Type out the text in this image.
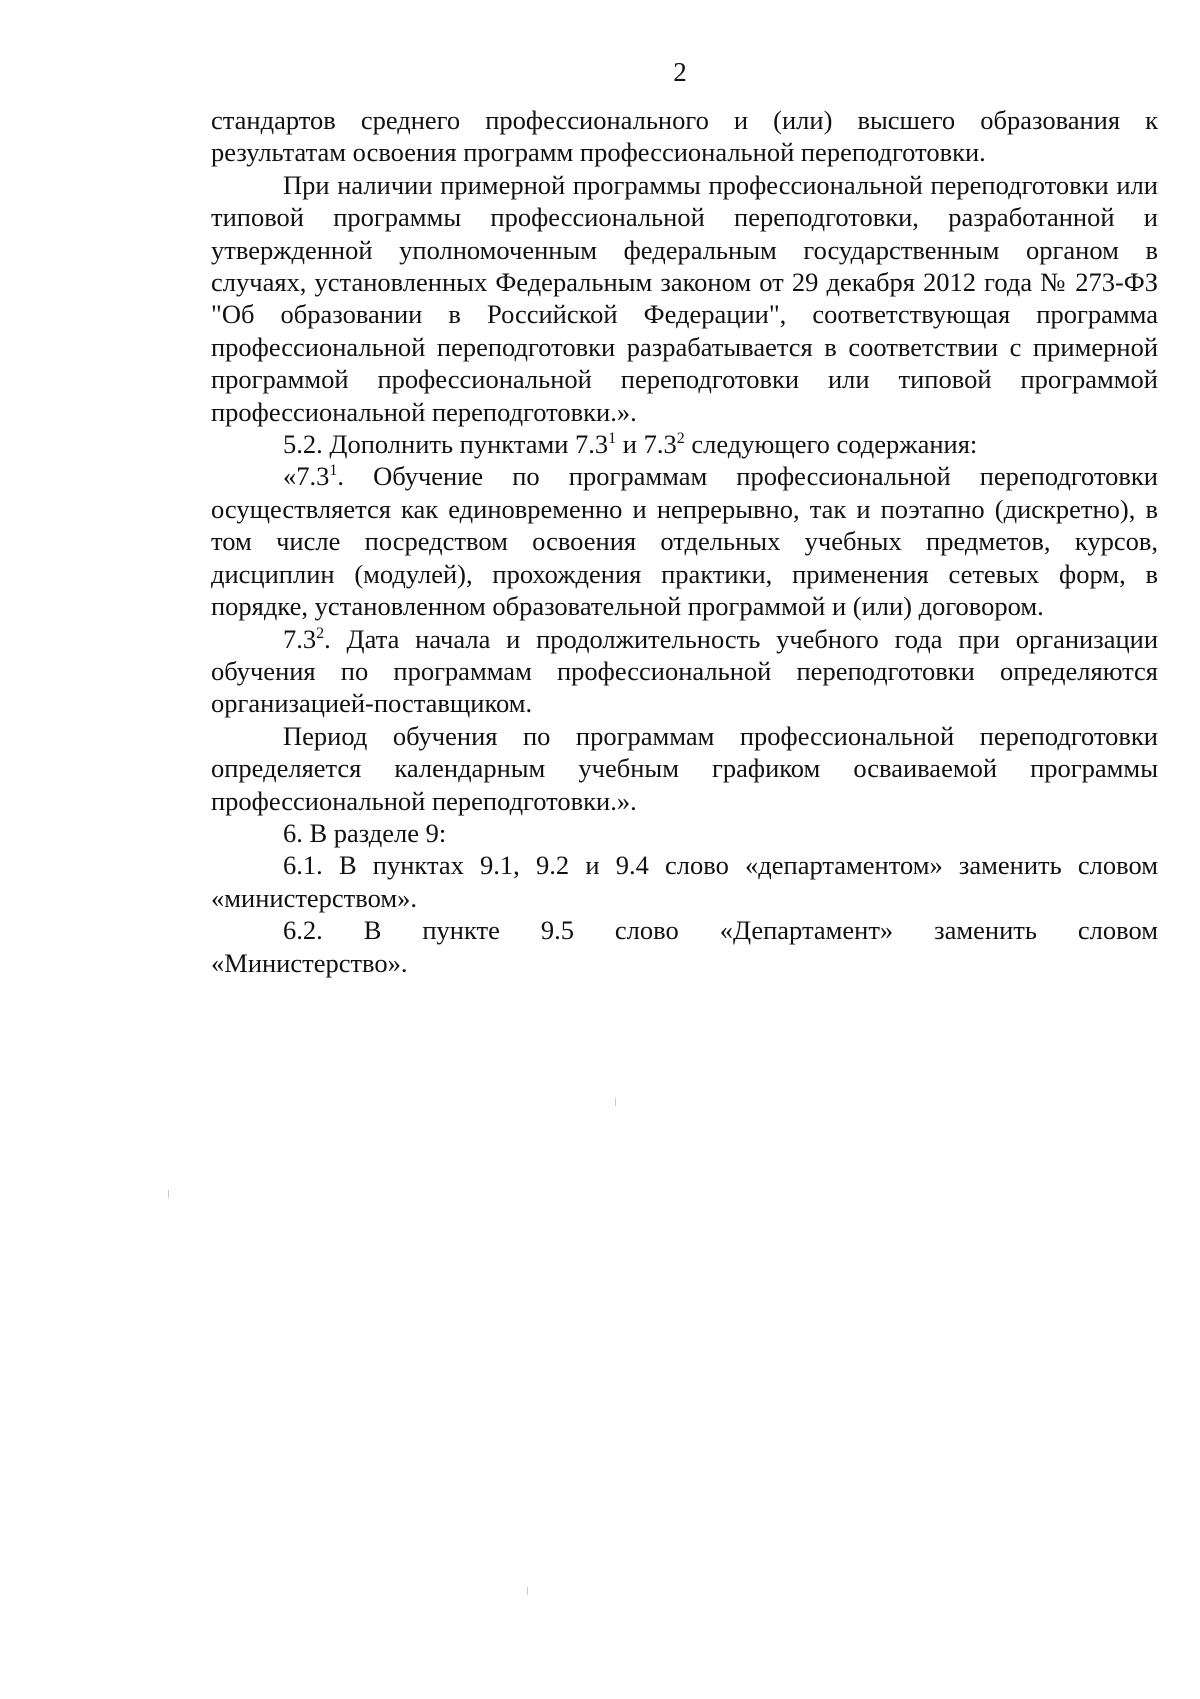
2

стандартов среднего профессионального и (или) высшего образования к результатам освоения программ профессиональной переподготовки.

При наличии примерной программы профессиональной переподготовки или типовой программы профессиональной переподготовки, разработанной и утвержденной уполномоченным федеральным государственным органом в случаях, установленных Федеральным законом от 29 декабря 2012 года № 273-ФЗ "Об образовании в Российской Федерации", соответствующая программа профессиональной переподготовки разрабатывается в соответствии с примерной программой профессиональной переподготовки или типовой программой профессиональной переподготовки.».

5.2. Дополнить пунктами $7.3^1$ и $7.3^2$ следующего содержания:

«$7.3^1$. Обучение по программам профессиональной переподготовки осуществляется как единовременно и непрерывно, так и поэтапно (дискретно), в том числе посредством освоения отдельных учебных предметов, курсов, дисциплин (модулей), прохождения практики, применения сетевых форм, в порядке, установленном образовательной программой и (или) договором.

$7.3^2$. Дата начала и продолжительность учебного года при организации обучения по программам профессиональной переподготовки определяются организацией-поставщиком.

Период обучения по программам профессиональной переподготовки определяется календарным учебным графиком осваиваемой программы профессиональной переподготовки.».

6. В разделе 9:

6.1. В пунктах 9.1, 9.2 и 9.4 слово «департаментом» заменить словом «министерством».

6.2. В пункте 9.5 слово «Департамент» заменить словом

«Министерство».
